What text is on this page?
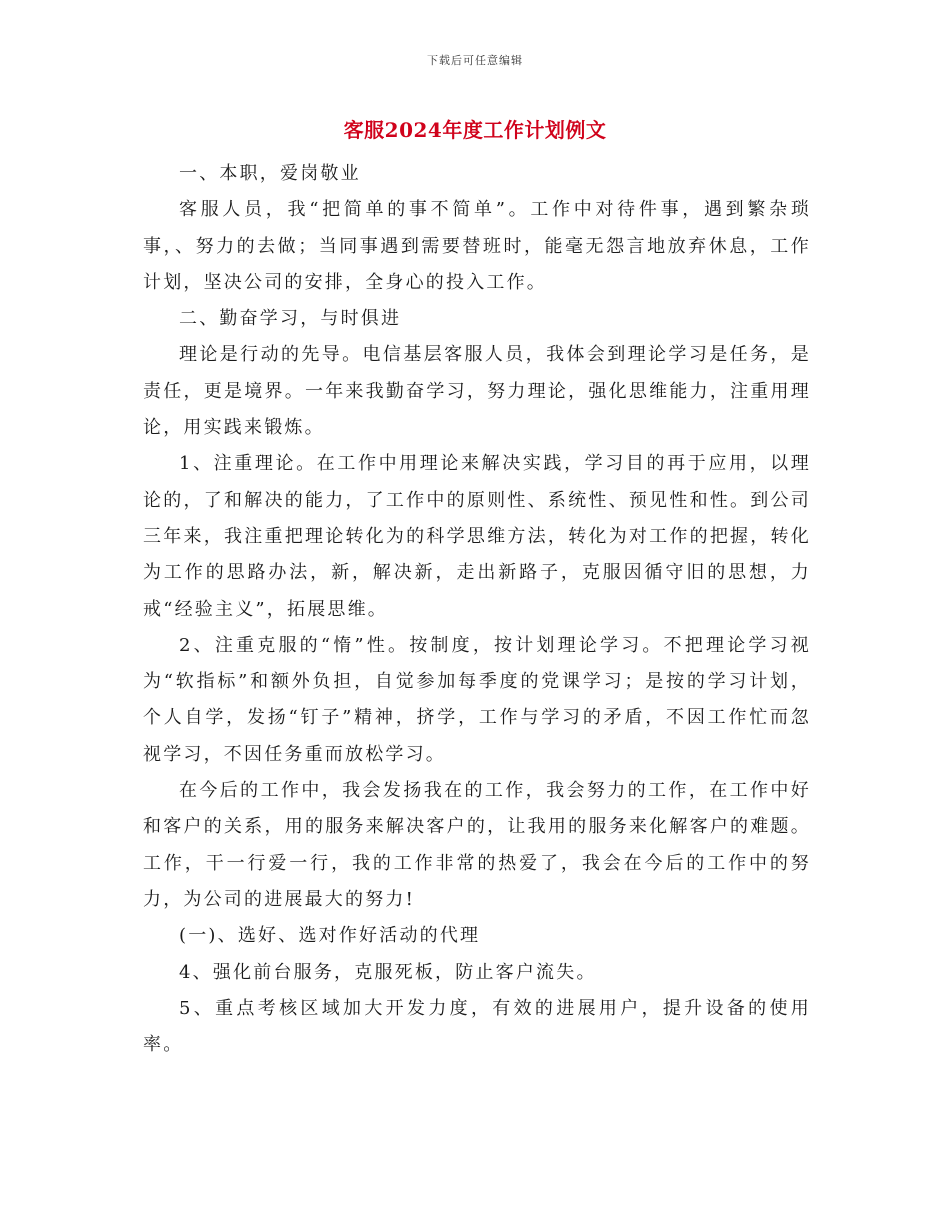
下载后可任意编辑
客服2024年度工作计划例文

一、本职，爱岗敬业

客服人员，我“把简单的事不简单”。工作中对待件事，遇到繁杂琐事，、努力的去做；当同事遇到需要替班时，能毫无怨言地放弃休息，工作计划，坚决公司的安排，全身心的投入工作。

二、勤奋学习，与时俱进

理论是行动的先导。电信基层客服人员，我体会到理论学习是任务，是责任，更是境界。一年来我勤奋学习，努力理论，强化思维能力，注重用理论，用实践来锻炼。

1、注重理论。在工作中用理论来解决实践，学习目的再于应用，以理论的，了和解决的能力，了工作中的原则性、系统性、预见性和性。到公司三年来，我注重把理论转化为的科学思维方法，转化为对工作的把握，转化为工作的思路办法，新，解决新，走出新路子，克服因循守旧的思想，力戒“经验主义”，拓展思维。

2、注重克服的“惰”性。按制度，按计划理论学习。不把理论学习视为“软指标”和额外负担，自觉参加每季度的党课学习；是按的学习计划，个人自学，发扬“钉子”精神，挤学，工作与学习的矛盾，不因工作忙而忽视学习，不因任务重而放松学习。

在今后的工作中，我会发扬我在的工作，我会努力的工作，在工作中好和客户的关系，用的服务来解决客户的，让我用的服务来化解客户的难题。工作，干一行爱一行，我的工作非常的热爱了，我会在今后的工作中的努力，为公司的进展最大的努力!

(一)、选好、选对作好活动的代理

4、强化前台服务，克服死板，防止客户流失。

5、重点考核区域加大开发力度，有效的进展用户，提升设备的使用率。
